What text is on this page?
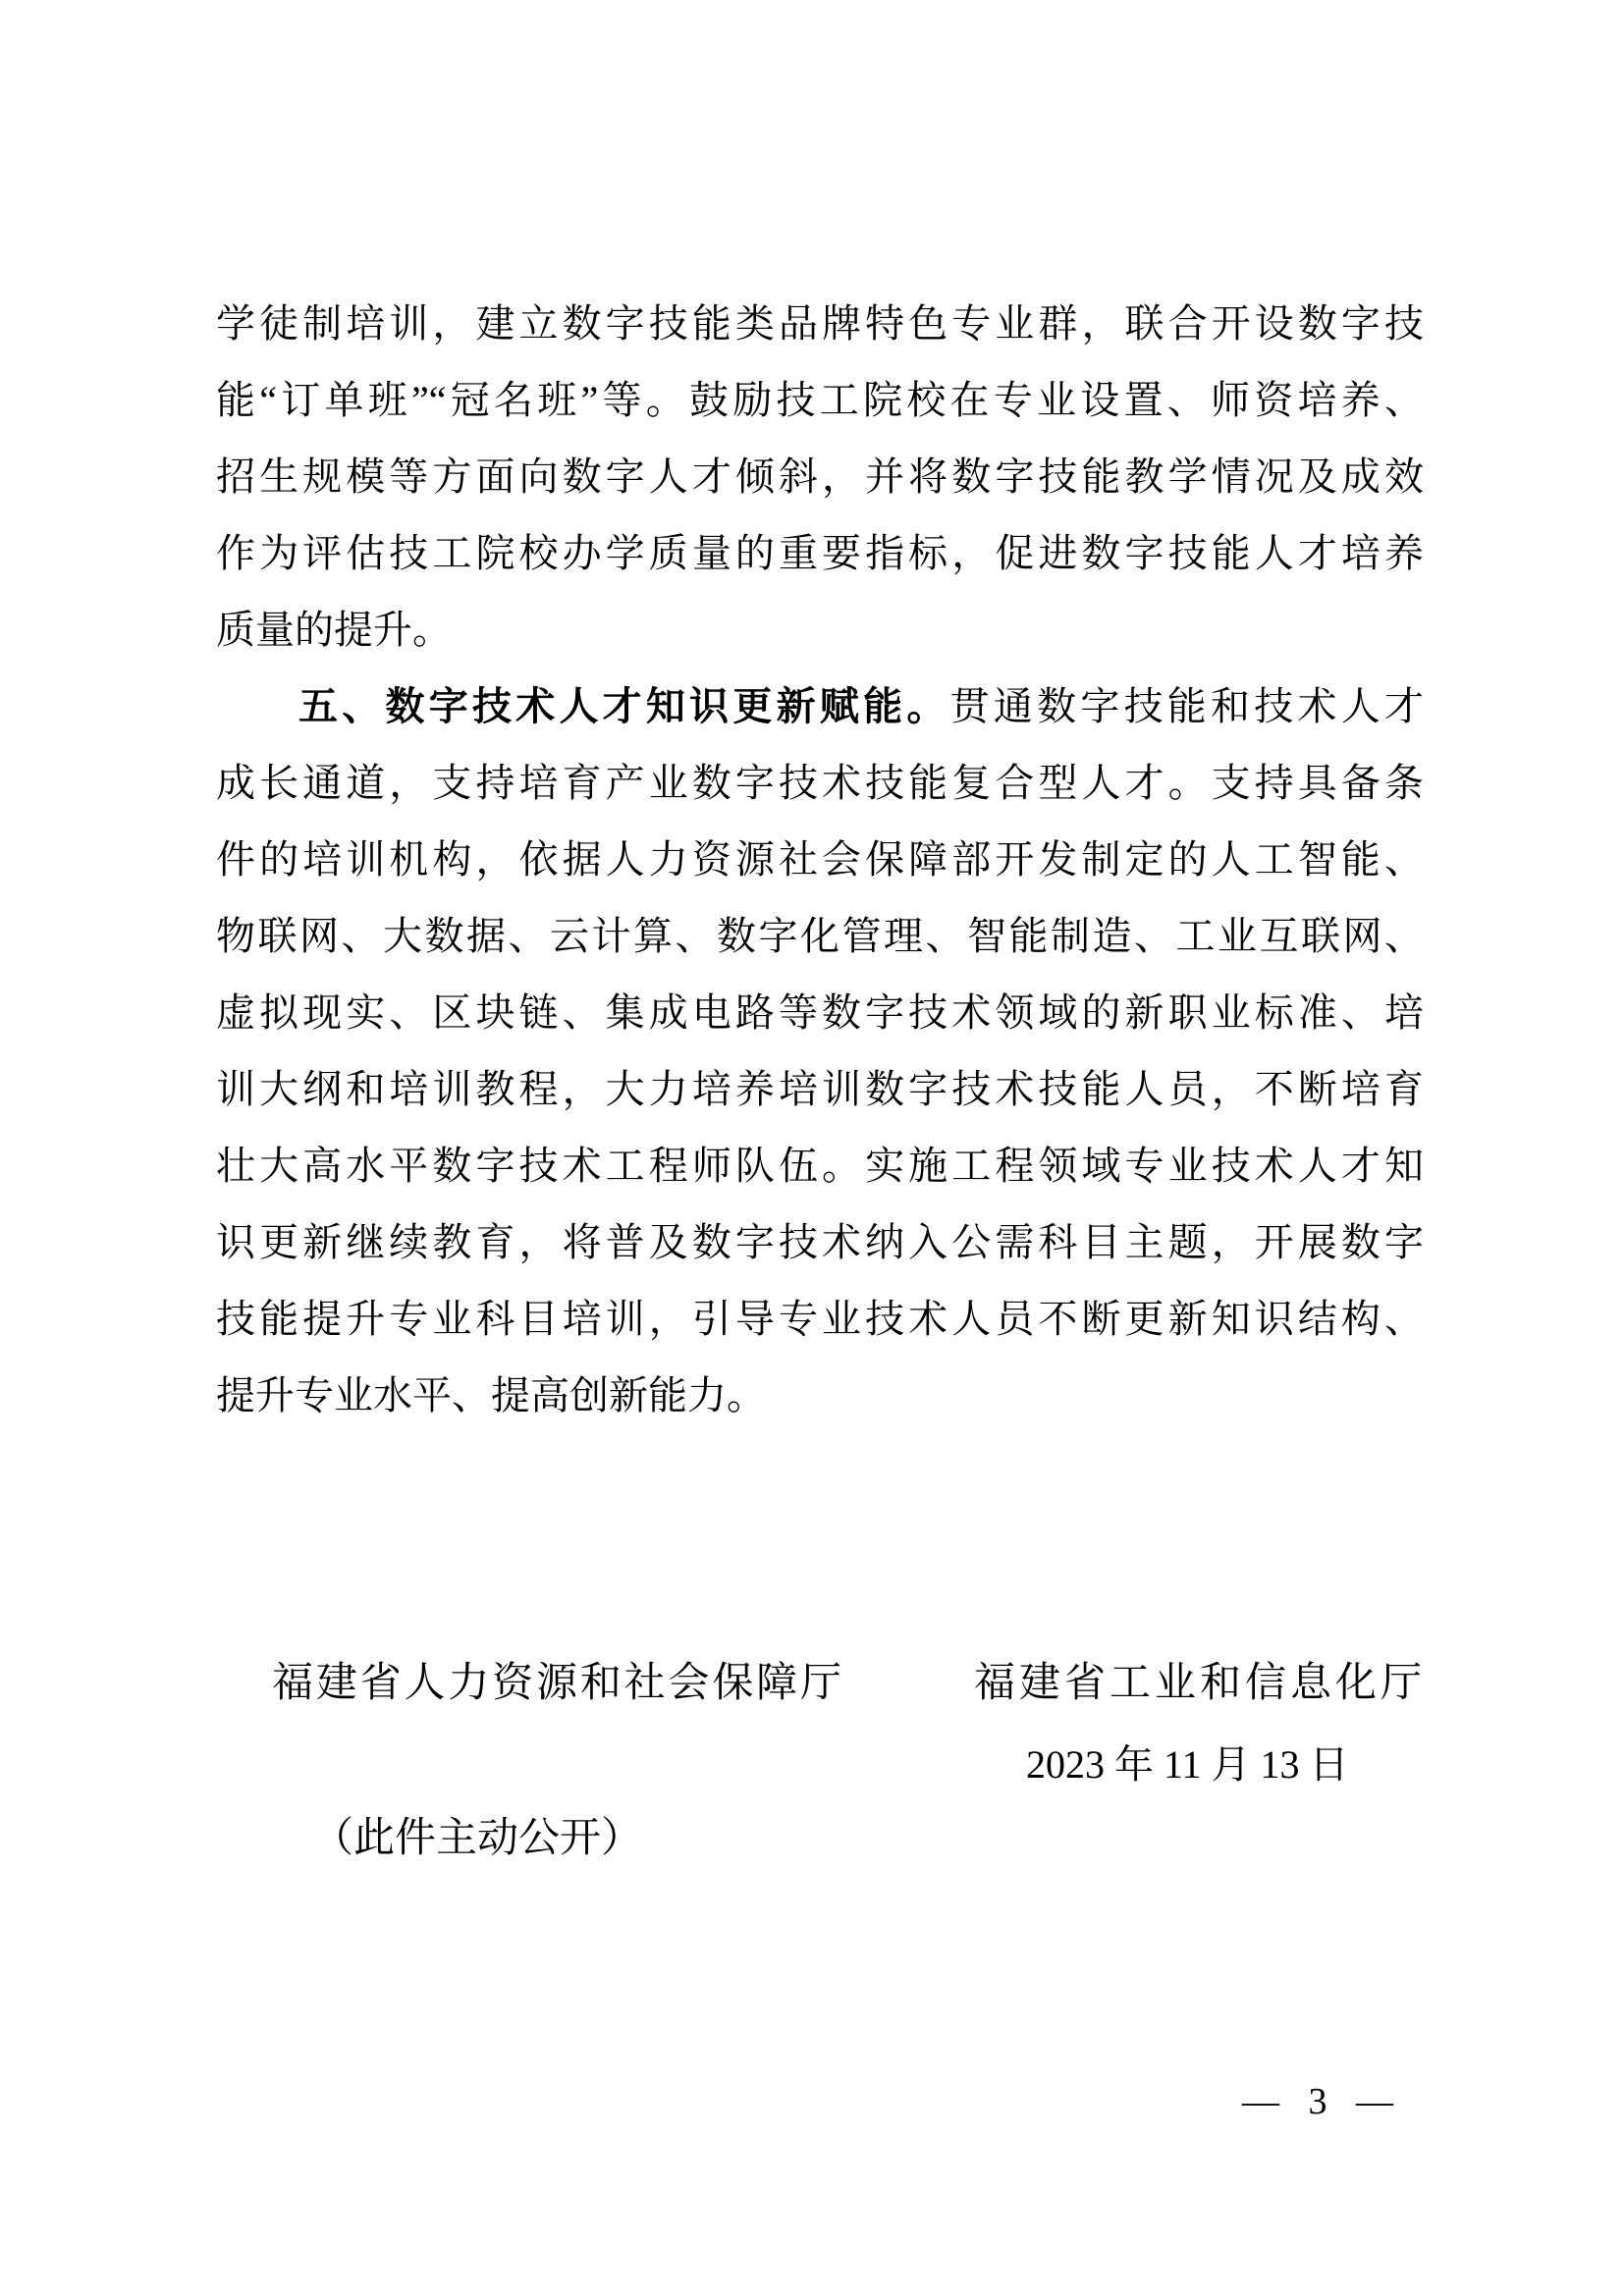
学徒制培训，建立数字技能类品牌特色专业群，联合开设数字技
能“订单班”“冠名班”等。鼓励技工院校在专业设置、师资培养、
招生规模等方面向数字人才倾斜，并将数字技能教学情况及成效
作为评估技工院校办学质量的重要指标，促进数字技能人才培养
质量的提升。
五、数字技术人才知识更新赋能。贯通数字技能和技术人才
成长通道，支持培育产业数字技术技能复合型人才。支持具备条
件的培训机构，依据人力资源社会保障部开发制定的人工智能、
物联网、大数据、云计算、数字化管理、智能制造、工业互联网、
虚拟现实、区块链、集成电路等数字技术领域的新职业标准、培
训大纲和培训教程，大力培养培训数字技术技能人员，不断培育
壮大高水平数字技术工程师队伍。实施工程领域专业技术人才知
识更新继续教育，将普及数字技术纳入公需科目主题，开展数字
技能提升专业科目培训，引导专业技术人员不断更新知识结构、
提升专业水平、提高创新能力。
福建省人力资源和社会保障厅	福建省工业和信息化厅
2023 年 11 月 13 日
（此件主动公开）
— 3 —
